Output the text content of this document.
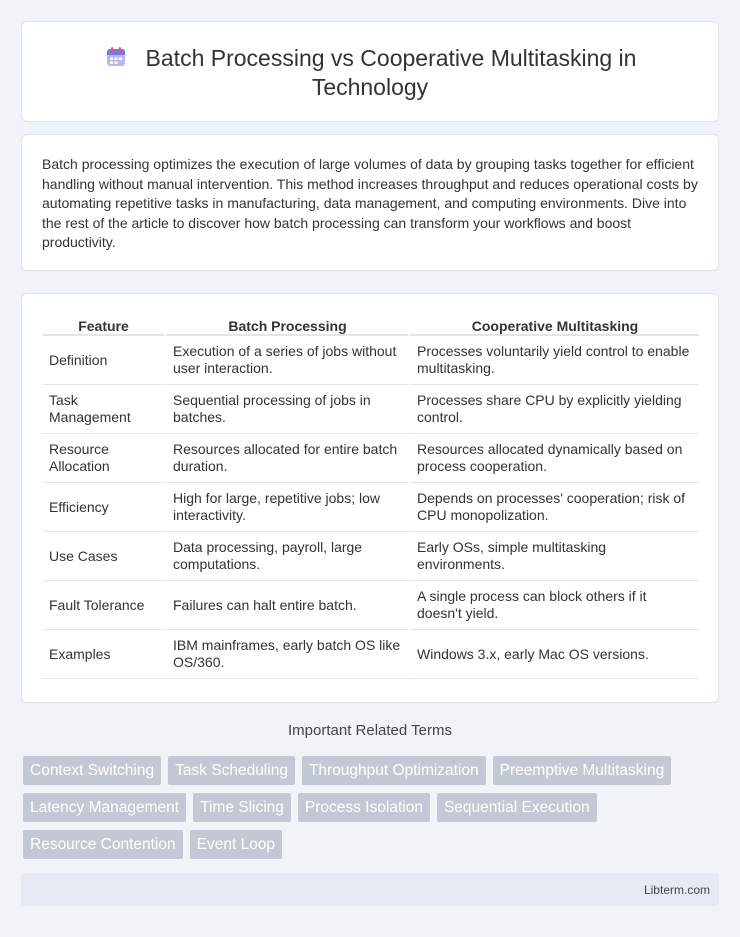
Batch Processing vs Cooperative Multitasking in
Technology

Batch processing optimizes the execution of large volumes of data by grouping tasks together for efficient handling without manual intervention. This method increases throughput and reduces operational costs by automating repetitive tasks in manufacturing, data management, and computing environments. Dive into the rest of the article to discover how batch processing can transform your workflows and boost productivity.

Feature	Batch Processing	Cooperative Multitasking
Definition	Execution of a series of jobs without user interaction.	Processes voluntarily yield control to enable multitasking.
Task Management	Sequential processing of jobs in batches.	Processes share CPU by explicitly yielding control.
Resource Allocation	Resources allocated for entire batch duration.	Resources allocated dynamically based on process cooperation.
Efficiency	High for large, repetitive jobs; low interactivity.	Depends on processes' cooperation; risk of CPU monopolization.
Use Cases	Data processing, payroll, large computations.	Early OSs, simple multitasking environments.
Fault Tolerance	Failures can halt entire batch.	A single process can block others if it doesn't yield.
Examples	IBM mainframes, early batch OS like OS/360.	Windows 3.x, early Mac OS versions.
Important Related Terms
Context Switching	Task Scheduling	Throughput Optimization	Preemptive Multitasking
Latency Management	Time Slicing	Process Isolation	Sequential Execution
Resource Contention	Event Loop
Libterm.com
